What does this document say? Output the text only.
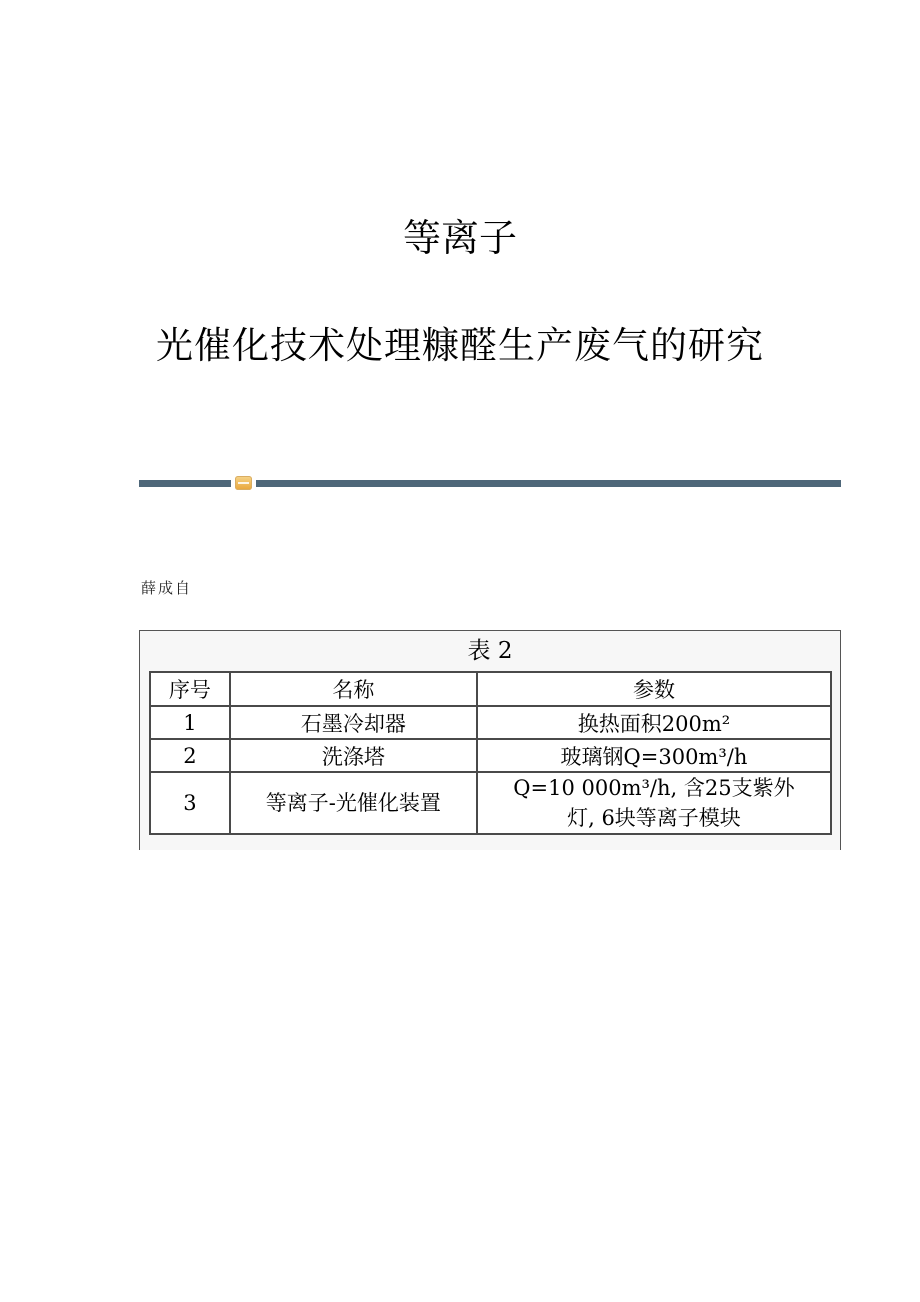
等离子
光催化技术处理糠醛生产废气的研究
薛成自
表 2
序号	名称	参数
1	石墨冷却器	换热面积200m²
2	洗涤塔	玻璃钢Q=300m³/h
3	等离子-光催化装置	Q=10 000m³/h, 含25支紫外
灯, 6块等离子模块
